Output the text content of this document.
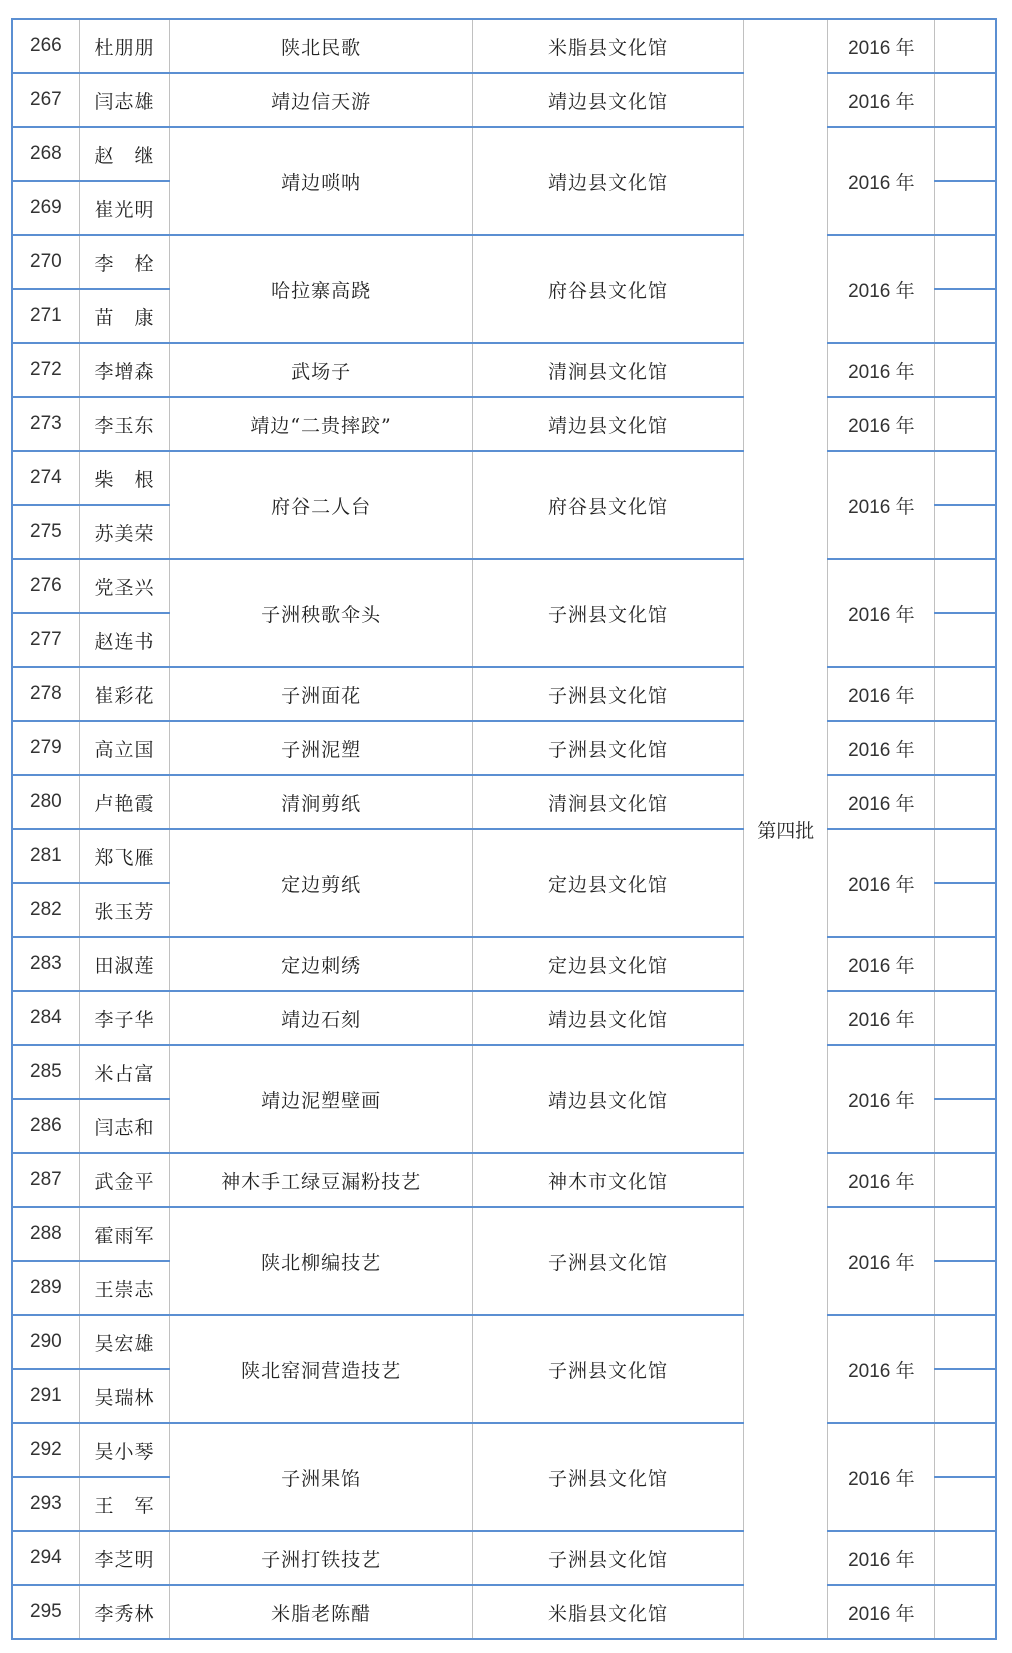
266	杜朋朋	陕北民歌	米脂县文化馆	第四批	2016 年	
267	闫志雄	靖边信天游	靖边县文化馆		2016 年	
268	赵　继	靖边唢呐	靖边县文化馆		2016 年	
269	崔光明					
270	李　栓	哈拉寨高跷	府谷县文化馆		2016 年	
271	苗　康					
272	李增森	武场子	清涧县文化馆		2016 年	
273	李玉东	靖边“二贵摔跤”	靖边县文化馆		2016 年	
274	柴　根	府谷二人台	府谷县文化馆		2016 年	
275	苏美荣					
276	党圣兴	子洲秧歌伞头	子洲县文化馆		2016 年	
277	赵连书					
278	崔彩花	子洲面花	子洲县文化馆		2016 年	
279	高立国	子洲泥塑	子洲县文化馆		2016 年	
280	卢艳霞	清涧剪纸	清涧县文化馆		2016 年	
281	郑飞雁	定边剪纸	定边县文化馆		2016 年	
282	张玉芳					
283	田淑莲	定边刺绣	定边县文化馆		2016 年	
284	李子华	靖边石刻	靖边县文化馆		2016 年	
285	米占富	靖边泥塑壁画	靖边县文化馆		2016 年	
286	闫志和					
287	武金平	神木手工绿豆漏粉技艺	神木市文化馆		2016 年	
288	霍雨军	陕北柳编技艺	子洲县文化馆		2016 年	
289	王崇志					
290	吴宏雄	陕北窑洞营造技艺	子洲县文化馆		2016 年	
291	吴瑞林					
292	吴小琴	子洲果馅	子洲县文化馆		2016 年	
293	王　军					
294	李芝明	子洲打铁技艺	子洲县文化馆		2016 年	
295	李秀林	米脂老陈醋	米脂县文化馆		2016 年	
